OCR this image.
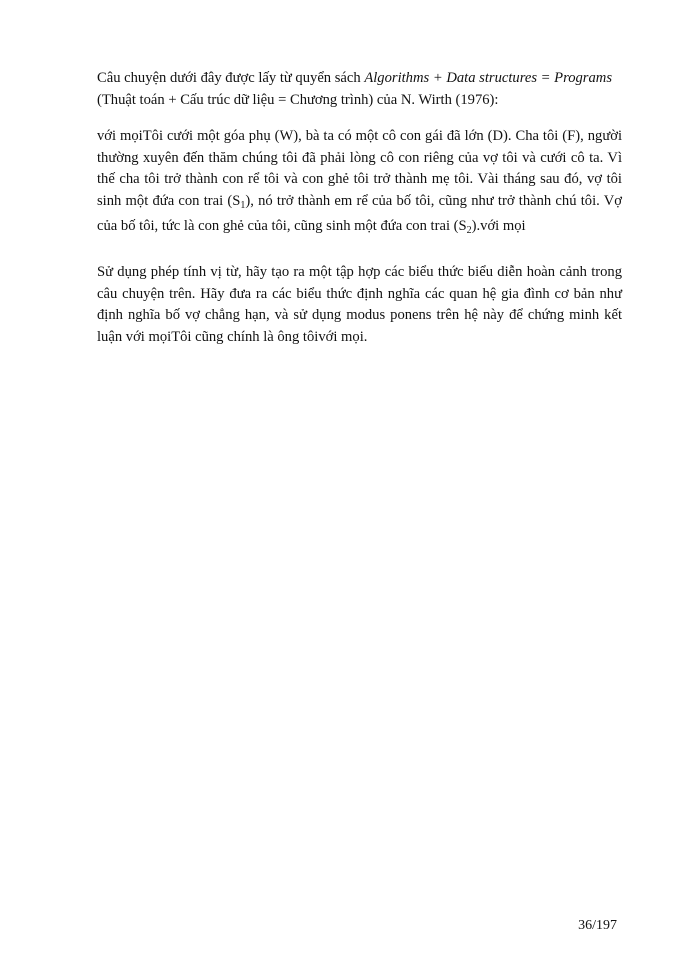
Câu chuyện dưới đây được lấy từ quyển sách Algorithms + Data structures = Programs
(Thuật toán + Cấu trúc dữ liệu = Chương trình) của N. Wirth (1976):

với mọiTôi cưới một góa phụ (W), bà ta có một cô con gái đã lớn (D). Cha tôi (F), người
thường xuyên đến thăm chúng tôi đã phải lòng cô con riêng của vợ tôi và cưới cô ta. Vì
thế cha tôi trở thành con rể tôi và con ghẻ tôi trở thành mẹ tôi. Vài tháng sau đó, vợ tôi
sinh một đứa con trai $(S_1)$, nó trở thành em rể của bố tôi, cũng như trở thành chú tôi. Vợ
của bố tôi, tức là con ghẻ của tôi, cũng sinh một đứa con trai $(S_2).với$ mọi

Sử dụng phép tính vị từ, hãy tạo ra một tập hợp các biểu thức biểu diễn hoàn cảnh trong
câu chuyện trên. Hãy đưa ra các biểu thức định nghĩa các quan hệ gia đình cơ bản như
định nghĩa bố vợ chẳng hạn, và sử dụng modus ponens trên hệ này để chứng minh kết
luận với mọiTôi cũng chính là ông tôivới mọi.

36/197
